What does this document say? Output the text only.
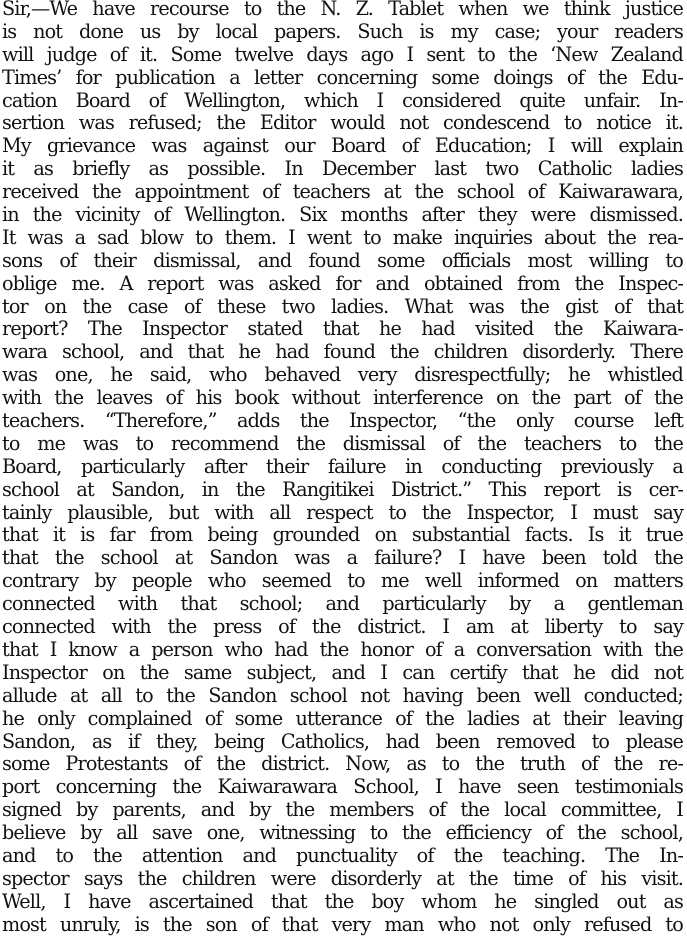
Sir,—We have recourse to the N. Z. Tablet when we think justice
is not done us by local papers. Such is my case; your readers
will judge of it. Some twelve days ago I sent to the ‘New Zealand
Times’ for publication a letter concerning some doings of the Edu-
cation Board of Wellington, which I considered quite unfair. In-
sertion was refused; the Editor would not condescend to notice it.
My grievance was against our Board of Education; I will explain
it as briefly as possible. In December last two Catholic ladies
received the appointment of teachers at the school of Kaiwarawara,
in the vicinity of Wellington. Six months after they were dismissed.
It was a sad blow to them. I went to make inquiries about the rea-
sons of their dismissal, and found some officials most willing to
oblige me. A report was asked for and obtained from the Inspec-
tor on the case of these two ladies. What was the gist of that
report? The Inspector stated that he had visited the Kaiwara-
wara school, and that he had found the children disorderly. There
was one, he said, who behaved very disrespectfully; he whistled
with the leaves of his book without interference on the part of the
teachers. “Therefore,” adds the Inspector, “the only course left
to me was to recommend the dismissal of the teachers to the
Board, particularly after their failure in conducting previously a
school at Sandon, in the Rangitikei District.” This report is cer-
tainly plausible, but with all respect to the Inspector, I must say
that it is far from being grounded on substantial facts. Is it true
that the school at Sandon was a failure? I have been told the
contrary by people who seemed to me well informed on matters
connected with that school; and particularly by a gentleman
connected with the press of the district. I am at liberty to say
that I know a person who had the honor of a conversation with the
Inspector on the same subject, and I can certify that he did not
allude at all to the Sandon school not having been well conducted;
he only complained of some utterance of the ladies at their leaving
Sandon, as if they, being Catholics, had been removed to please
some Protestants of the district. Now, as to the truth of the re-
port concerning the Kaiwarawara School, I have seen testimonials
signed by parents, and by the members of the local committee, I
believe by all save one, witnessing to the efficiency of the school,
and to the attention and punctuality of the teaching. The In-
spector says the children were disorderly at the time of his visit.
Well, I have ascertained that the boy whom he singled out as
most unruly, is the son of that very man who not only refused to
